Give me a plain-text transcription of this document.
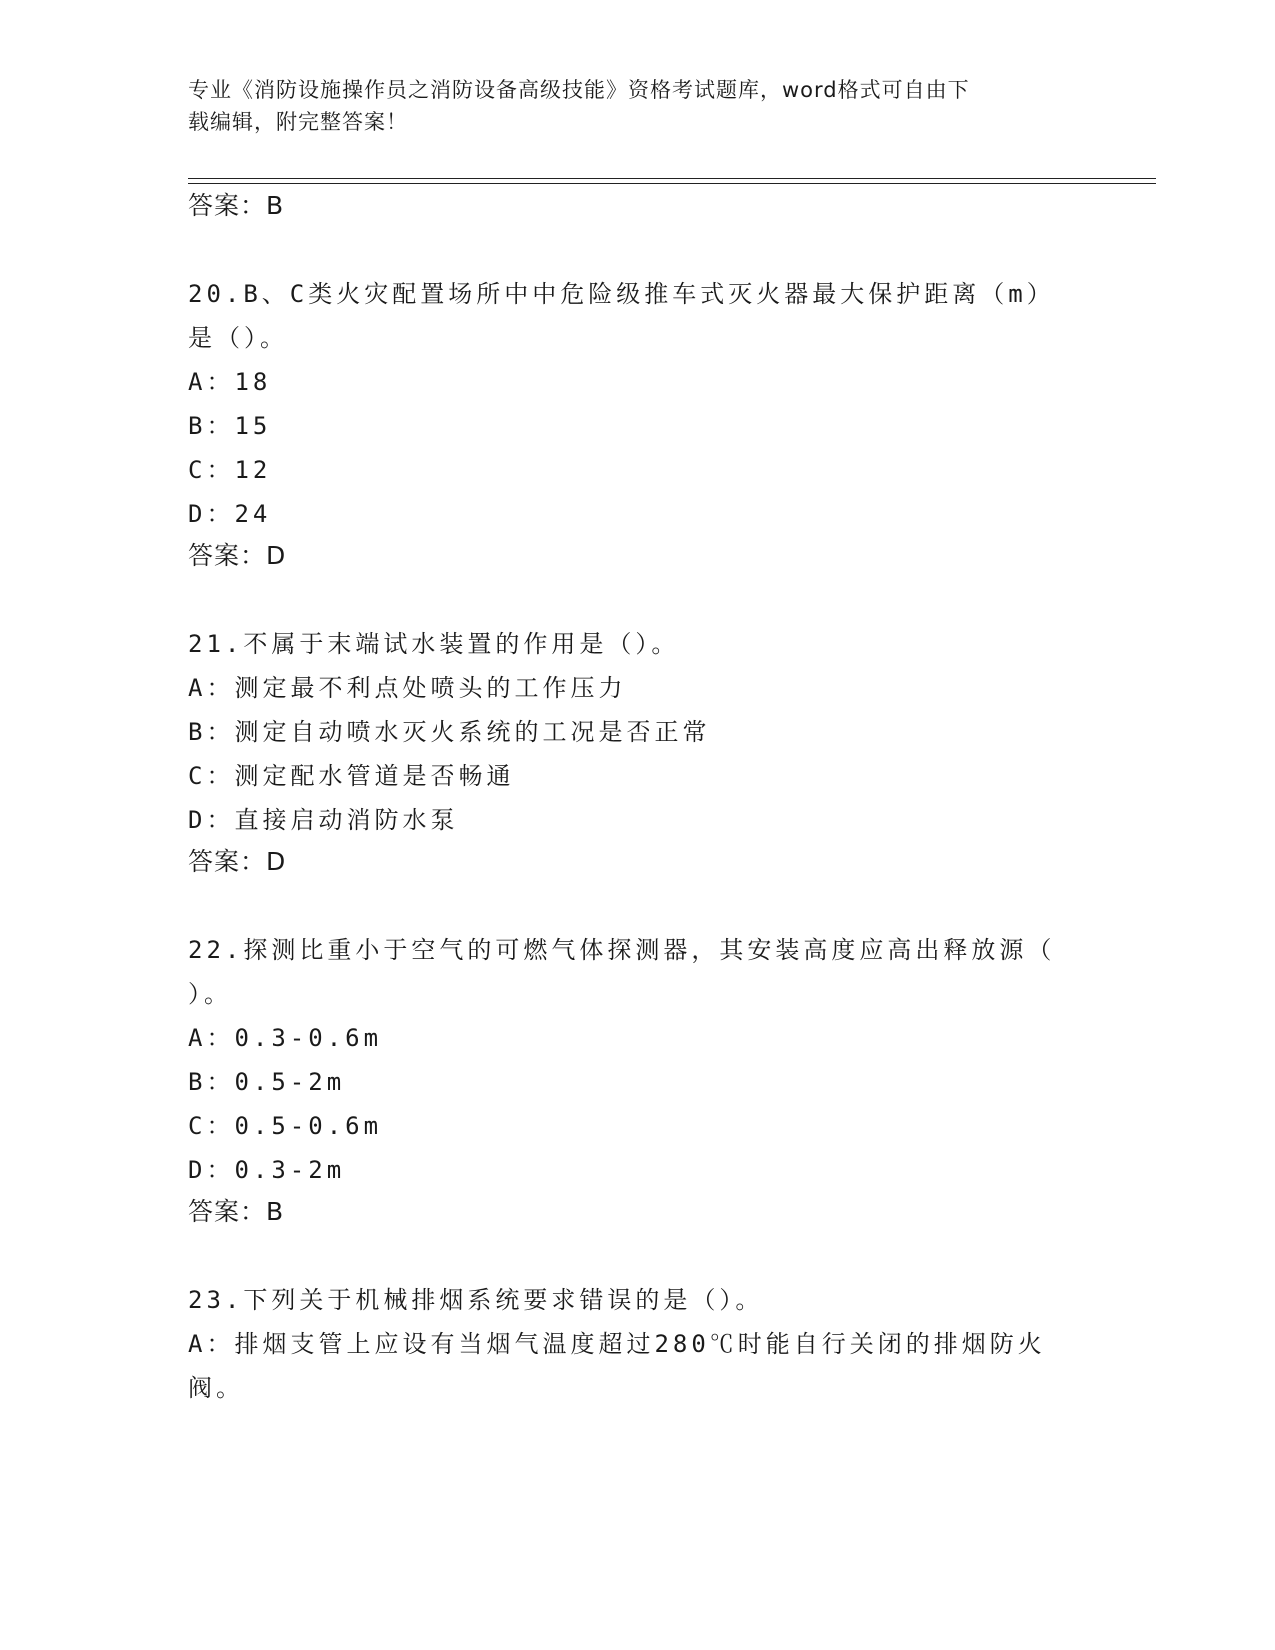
专业《消防设施操作员之消防设备高级技能》资格考试题库，word格式可自由下
载编辑，附完整答案！
答案：B
20.B、C类火灾配置场所中中危险级推车式灭火器最大保护距离（m）
是（）。
A：18
B：15
C：12
D：24
答案：D
21.不属于末端试水装置的作用是（）。
A：测定最不利点处喷头的工作压力
B：测定自动喷水灭火系统的工况是否正常
C：测定配水管道是否畅通
D：直接启动消防水泵
答案：D
22.探测比重小于空气的可燃气体探测器，其安装高度应高出释放源（
）。
A：0.3-0.6m
B：0.5-2m
C：0.5-0.6m
D：0.3-2m
答案：B
23.下列关于机械排烟系统要求错误的是（）。
A：排烟支管上应设有当烟气温度超过280℃时能自行关闭的排烟防火
阀。
